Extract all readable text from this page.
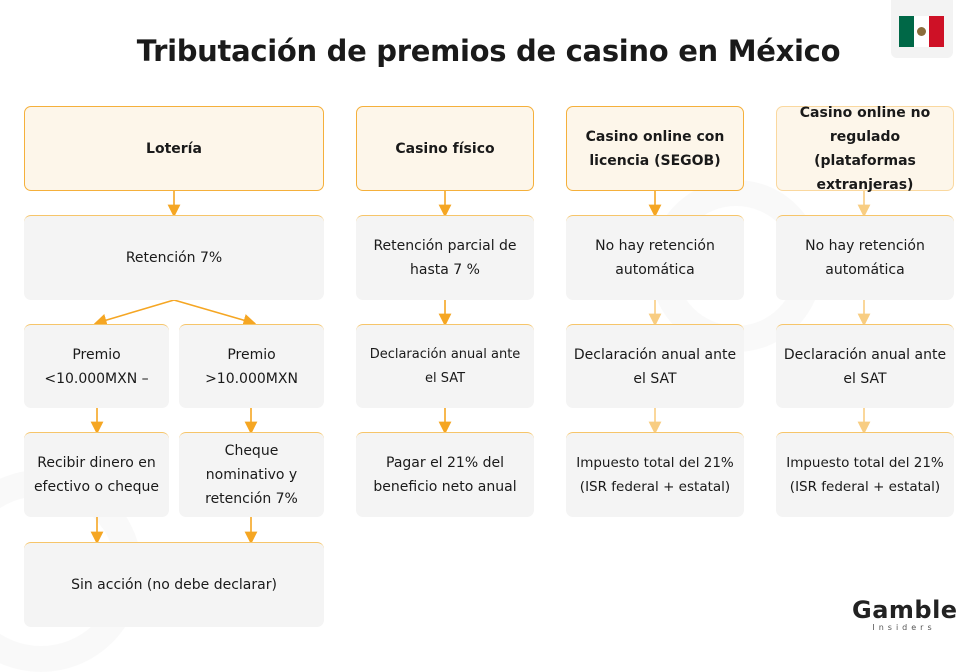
Tributación de premios de casino en México
Lotería
Retención 7%
Premio <10.000MXN –
Premio >10.000MXN
Recibir dinero en efectivo o cheque
Cheque nominativo y retención 7%
Sin acción (no debe declarar)
Casino físico
Retención parcial de hasta 7 %
Declaración anual ante el SAT
Pagar el 21% del beneficio neto anual
Casino online con licencia (SEGOB)
No hay retención automática
Declaración anual ante el SAT
Impuesto total del 21% (ISR federal + estatal)
Casino online no regulado (plataformas extranjeras)
No hay retención automática
Declaración anual ante el SAT
Impuesto total del 21% (ISR federal + estatal)
Gamble
Insiders
